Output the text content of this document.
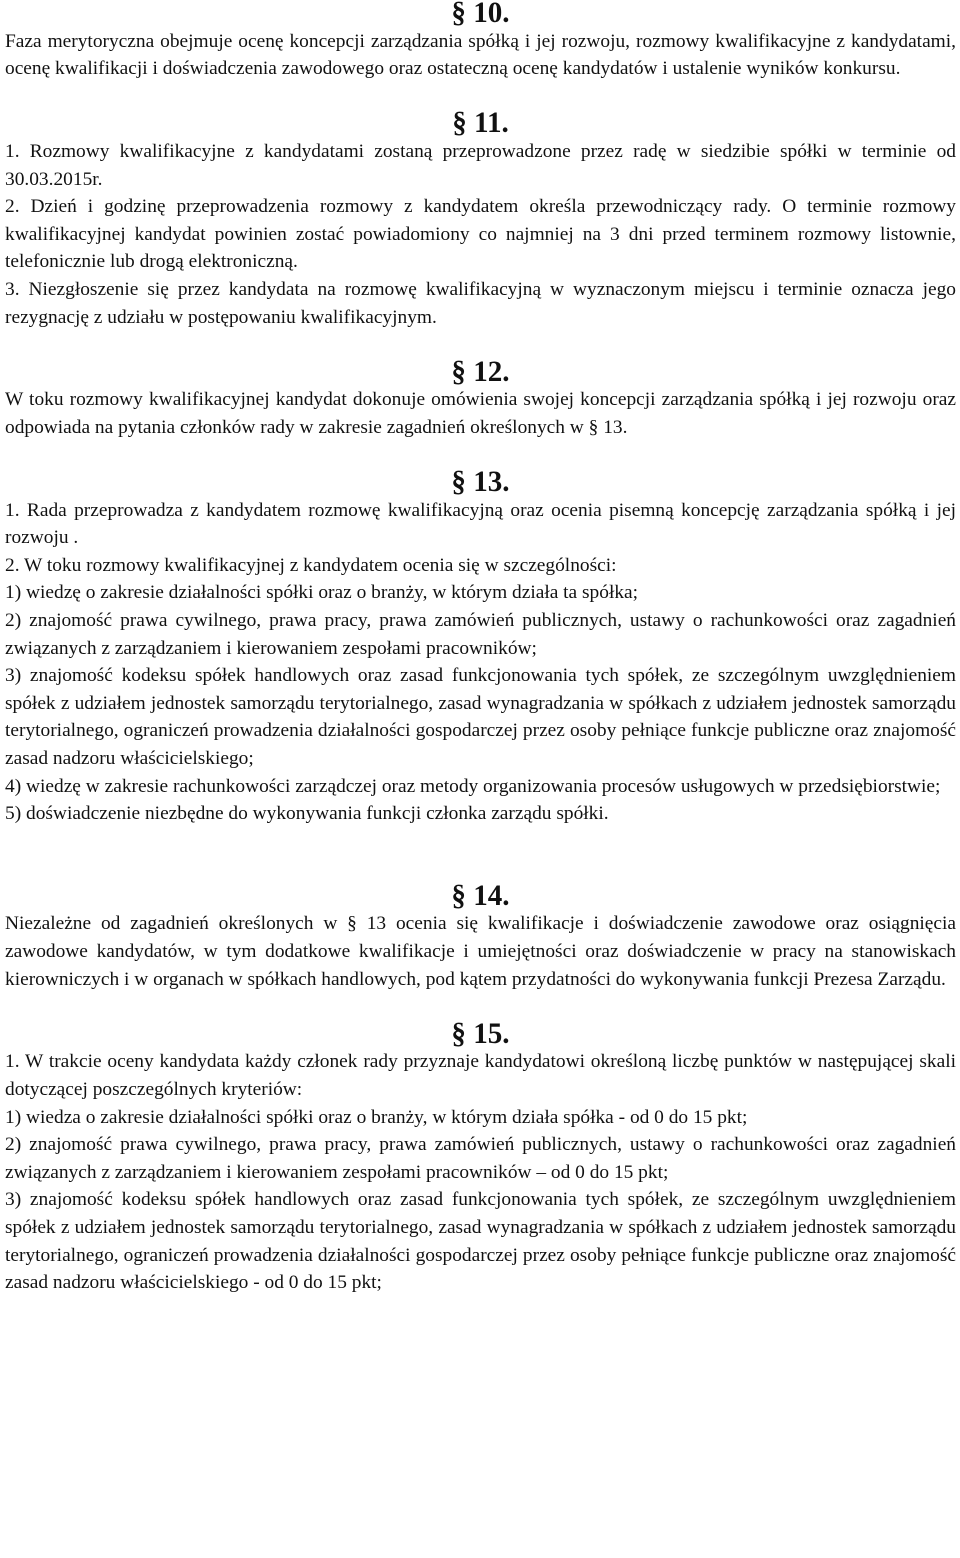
§ 10.

Faza merytoryczna obejmuje ocenę koncepcji zarządzania spółką i jej rozwoju, rozmowy kwalifikacyjne z kandydatami, ocenę kwalifikacji i doświadczenia zawodowego oraz ostateczną ocenę kandydatów i ustalenie wyników konkursu.

§ 11.

1. Rozmowy kwalifikacyjne z kandydatami zostaną przeprowadzone przez radę w siedzibie spółki w terminie od 30.03.2015r.

2. Dzień i godzinę przeprowadzenia rozmowy z kandydatem określa przewodniczący rady. O terminie rozmowy kwalifikacyjnej kandydat powinien zostać powiadomiony co najmniej na 3 dni przed terminem rozmowy listownie, telefonicznie lub drogą elektroniczną.

3. Niezgłoszenie się przez kandydata na rozmowę kwalifikacyjną w wyznaczonym miejscu i terminie oznacza jego rezygnację z udziału w postępowaniu kwalifikacyjnym.

§ 12.

W toku rozmowy kwalifikacyjnej kandydat dokonuje omówienia swojej koncepcji zarządzania spółką i jej rozwoju oraz odpowiada na pytania członków rady w zakresie zagadnień określonych w § 13.

§ 13.

1. Rada przeprowadza z kandydatem rozmowę kwalifikacyjną oraz ocenia pisemną koncepcję zarządzania spółką i jej rozwoju .

2. W toku rozmowy kwalifikacyjnej z kandydatem ocenia się w szczególności:

1) wiedzę o zakresie działalności spółki oraz o branży, w którym działa ta spółka;

2) znajomość prawa cywilnego, prawa pracy, prawa zamówień publicznych, ustawy o rachunkowości oraz zagadnień związanych z zarządzaniem i kierowaniem zespołami pracowników;

3) znajomość kodeksu spółek handlowych oraz zasad funkcjonowania tych spółek, ze szczególnym uwzględnieniem spółek z udziałem jednostek samorządu terytorialnego, zasad wynagradzania w spółkach z udziałem jednostek samorządu terytorialnego, ograniczeń prowadzenia działalności gospodarczej przez osoby pełniące funkcje publiczne oraz znajomość zasad nadzoru właścicielskiego;

4) wiedzę w zakresie rachunkowości zarządczej oraz metody organizowania procesów usługowych w przedsiębiorstwie;

5) doświadczenie niezbędne do wykonywania funkcji członka zarządu spółki.

§ 14.

Niezależne od zagadnień określonych w § 13 ocenia się kwalifikacje i doświadczenie zawodowe oraz osiągnięcia zawodowe kandydatów, w tym dodatkowe kwalifikacje i umiejętności oraz doświadczenie w pracy na stanowiskach kierowniczych i w organach w spółkach handlowych, pod kątem przydatności do wykonywania funkcji Prezesa Zarządu.

§ 15.

1. W trakcie oceny kandydata każdy członek rady przyznaje kandydatowi określoną liczbę punktów w następującej skali dotyczącej poszczególnych kryteriów:

1) wiedza o zakresie działalności spółki oraz o branży, w którym działa spółka - od 0 do 15 pkt;

2) znajomość prawa cywilnego, prawa pracy, prawa zamówień publicznych, ustawy o rachunkowości oraz zagadnień związanych z zarządzaniem i kierowaniem zespołami pracowników – od 0 do 15 pkt;

3) znajomość kodeksu spółek handlowych oraz zasad funkcjonowania tych spółek, ze szczególnym uwzględnieniem spółek z udziałem jednostek samorządu terytorialnego, zasad wynagradzania w spółkach z udziałem jednostek samorządu terytorialnego, ograniczeń prowadzenia działalności gospodarczej przez osoby pełniące funkcje publiczne oraz znajomość zasad nadzoru właścicielskiego - od 0 do 15 pkt;
